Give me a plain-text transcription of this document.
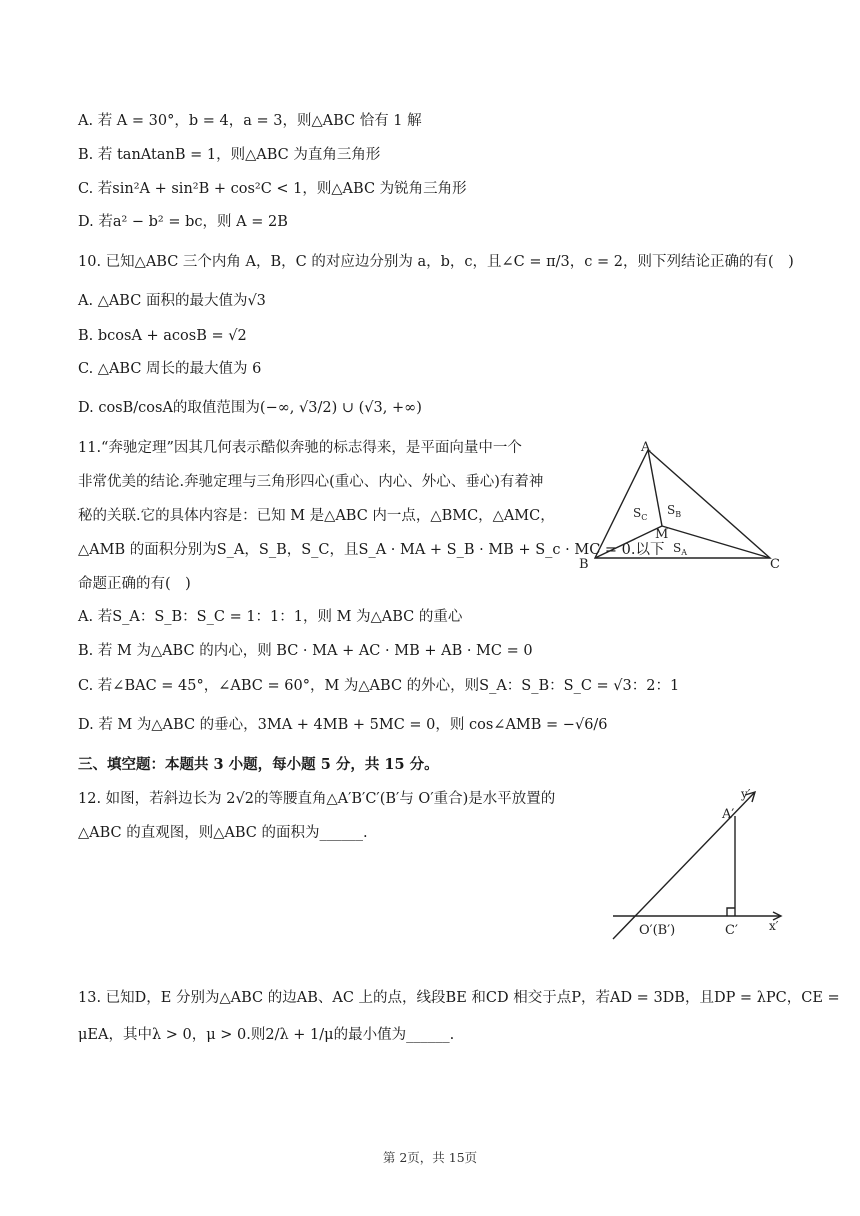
A. 若 A = 30°，b = 4，a = 3，则△ABC 恰有 1 解
B. 若 tanAtanB = 1，则△ABC 为直角三角形
C. 若sin²A + sin²B + cos²C < 1，则△ABC 为锐角三角形
D. 若a² − b² = bc，则 A = 2B
10. 已知△ABC 三个内角 A，B，C 的对应边分别为 a，b，c，且∠C = π/3，c = 2，则下列结论正确的有(　)
A. △ABC 面积的最大值为√3
B. bcosA + acosB = √2
C. △ABC 周长的最大值为 6
D. cosB/cosA的取值范围为(−∞, √3/2) ∪ (√3, +∞)
11.“奔驰定理”因其几何表示酷似奔驰的标志得来，是平面向量中一个
非常优美的结论.奔驰定理与三角形四心(重心、内心、外心、垂心)有着神
秘的关联.它的具体内容是：已知 M 是△ABC 内一点，△BMC，△AMC，
△AMB 的面积分别为S_A，S_B，S_C，且S_A · MA + S_B · MB + S_c · MC = 0.以下
命题正确的有(　)
A
B	C
M
$S_C$
$S_B$
$S_A$
A. 若S_A：S_B：S_C = 1：1：1，则 M 为△ABC 的重心
B. 若 M 为△ABC 的内心，则 BC · MA + AC · MB + AB · MC = 0
C. 若∠BAC = 45°，∠ABC = 60°，M 为△ABC 的外心，则S_A：S_B：S_C = √3：2：1
D. 若 M 为△ABC 的垂心，3MA + 4MB + 5MC = 0，则 cos∠AMB = −√6/6
三、填空题：本题共 3 小题，每小题 5 分，共 15 分。
12. 如图，若斜边长为 2√2的等腰直角△A′B′C′(B′与 O′重合)是水平放置的
△ABC 的直观图，则△ABC 的面积为______.
A′
y′
x′
O′(B′)	C′
13. 已知D，E 分别为△ABC 的边AB、AC 上的点，线段BE 和CD 相交于点P，若AD = 3DB，且DP = λPC，CE =
μEA，其中λ > 0，μ > 0.则2/λ + 1/μ的最小值为______.
第 2页，共 15页
